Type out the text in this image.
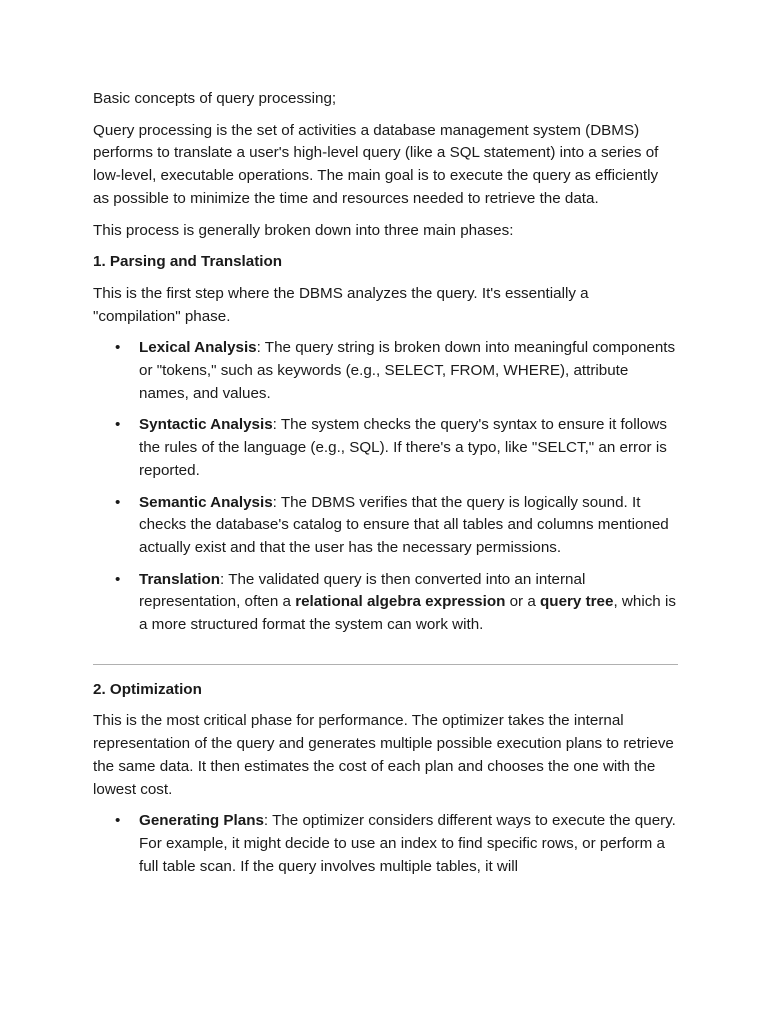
Basic concepts of query processing;

Query processing is the set of activities a database management system (DBMS) performs to translate a user's high-level query (like a SQL statement) into a series of low-level, executable operations. The main goal is to execute the query as efficiently as possible to minimize the time and resources needed to retrieve the data.

This process is generally broken down into three main phases:

1. Parsing and Translation

This is the first step where the DBMS analyzes the query. It's essentially a "compilation" phase.

• Lexical Analysis: The query string is broken down into meaningful components or "tokens," such as keywords (e.g., SELECT, FROM, WHERE), attribute names, and values.
• Syntactic Analysis: The system checks the query's syntax to ensure it follows the rules of the language (e.g., SQL). If there's a typo, like "SELCT," an error is reported.
• Semantic Analysis: The DBMS verifies that the query is logically sound. It checks the database's catalog to ensure that all tables and columns mentioned actually exist and that the user has the necessary permissions.
• Translation: The validated query is then converted into an internal representation, often a relational algebra expression or a query tree, which is a more structured format the system can work with.

2. Optimization

This is the most critical phase for performance. The optimizer takes the internal representation of the query and generates multiple possible execution plans to retrieve the same data. It then estimates the cost of each plan and chooses the one with the lowest cost.

• Generating Plans: The optimizer considers different ways to execute the query. For example, it might decide to use an index to find specific rows, or perform a full table scan. If the query involves multiple tables, it will
